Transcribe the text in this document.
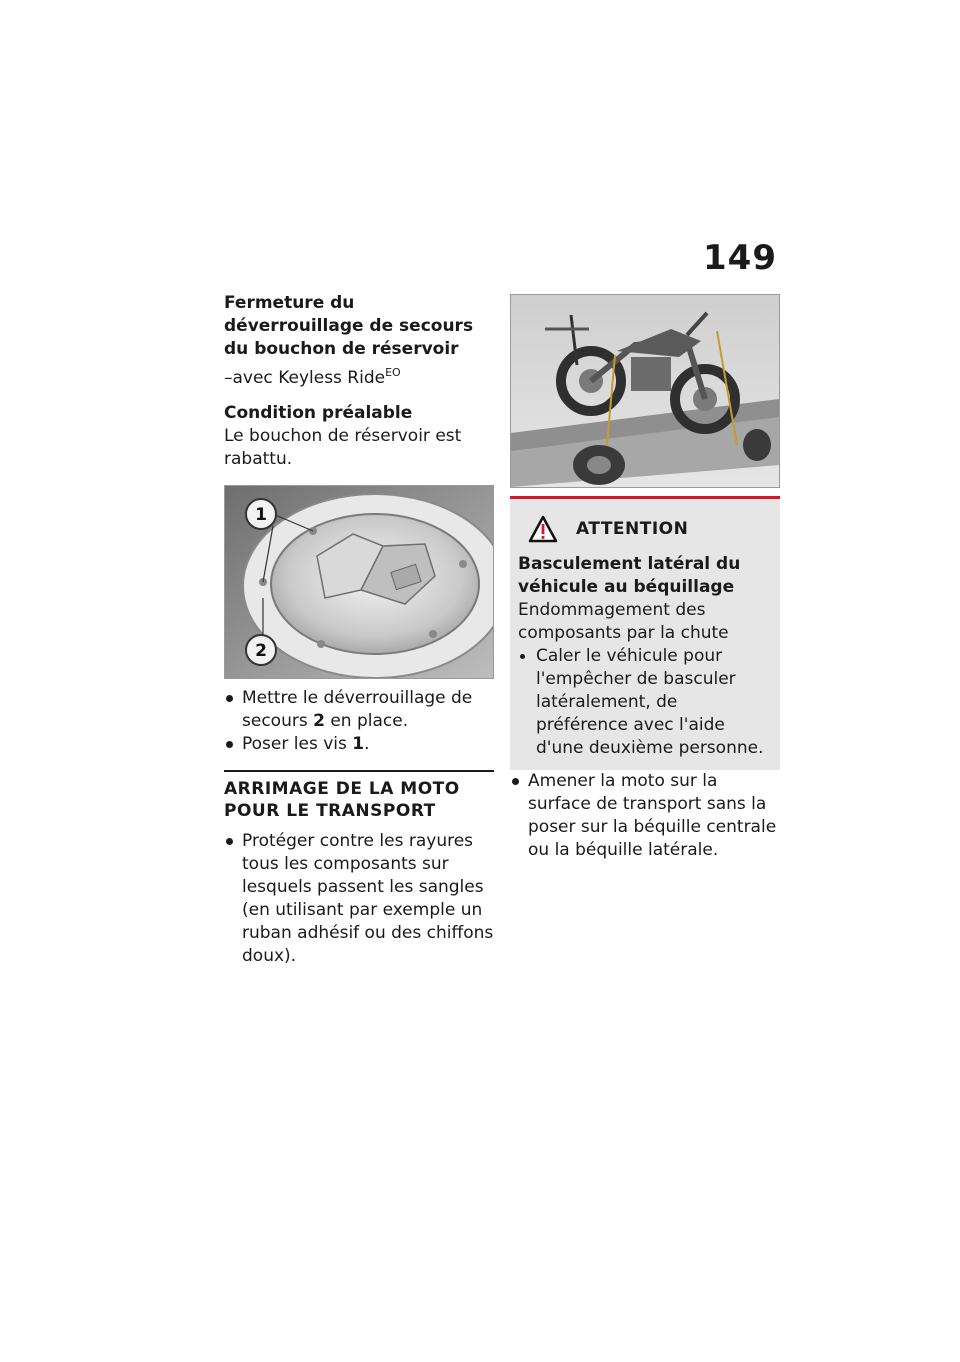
149

Fermeture du déverrouillage de secours du bouchon de réservoir

–avec Keyless Ride$^{EO}$

Condition préalable

Le bouchon de réservoir est rabattu.

1
2
Mettre le déverrouillage de secours 2 en place.
Poser les vis 1.
ARRIMAGE DE LA MOTO POUR LE TRANSPORT
Protéger contre les rayures tous les composants sur lesquels passent les sangles (en utilisant par exemple un ruban adhésif ou des chiffons doux).
ATTENTION

Basculement latéral du véhicule au béquillage

Endommagement des composants par la chute

Caler le véhicule pour l'empêcher de basculer latéralement, de préférence avec l'aide d'une deuxième personne.
Amener la moto sur la surface de transport sans la poser sur la béquille centrale ou la béquille latérale.
